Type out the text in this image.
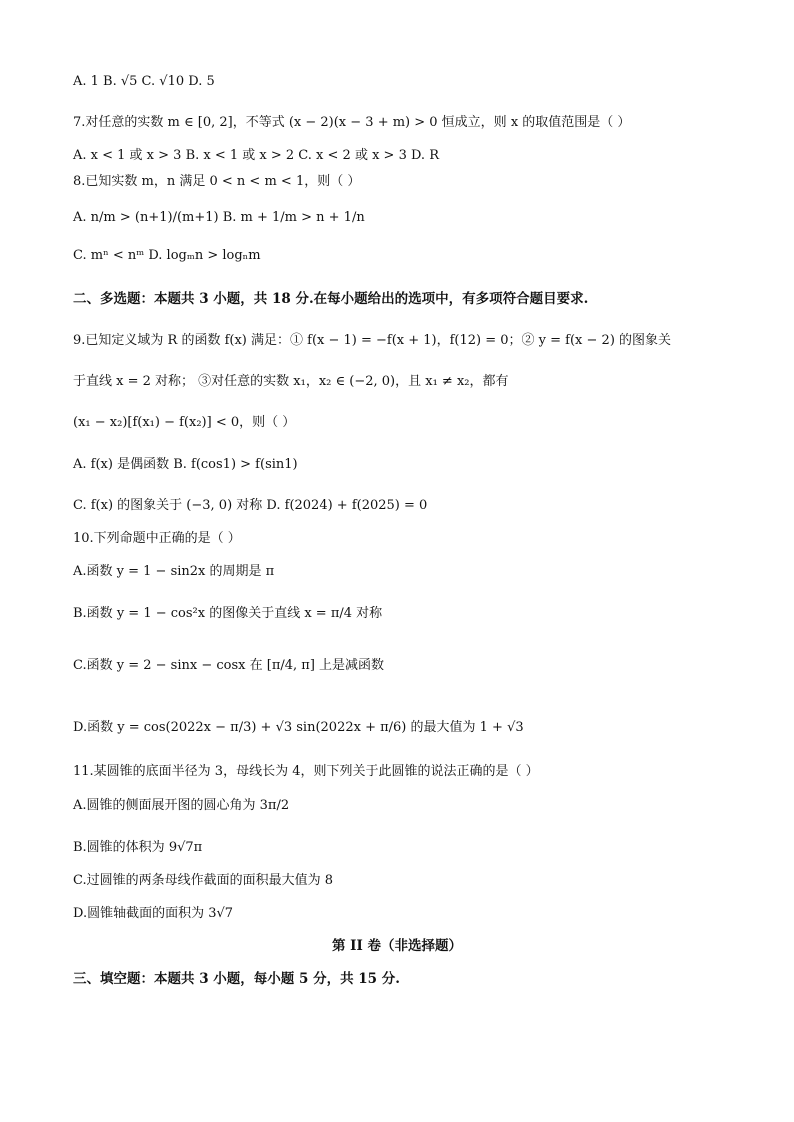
A. 1 B. √5 C. √10 D. 5
7.对任意的实数 m ∈ [0, 2]，不等式 (x − 2)(x − 3 + m) > 0 恒成立，则 x 的取值范围是（ ）
A. x < 1 或 x > 3 B. x < 1 或 x > 2 C. x < 2 或 x > 3 D. R
8.已知实数 m，n 满足 0 < n < m < 1，则（ ）
A. n/m > (n+1)/(m+1) B. m + 1/m > n + 1/n
C. mⁿ < nᵐ D. logₘn > logₙm
二、多选题：本题共 3 小题，共 18 分.在每小题给出的选项中，有多项符合题目要求.
9.已知定义域为 R 的函数 f(x) 满足：① f(x − 1) = −f(x + 1)，f(12) = 0；② y = f(x − 2) 的图象关
于直线 x = 2 对称； ③对任意的实数 x₁，x₂ ∈ (−2, 0)，且 x₁ ≠ x₂，都有
(x₁ − x₂)[f(x₁) − f(x₂)] < 0，则（ ）
A. f(x) 是偶函数 B. f(cos1) > f(sin1)
C. f(x) 的图象关于 (−3, 0) 对称 D. f(2024) + f(2025) = 0
10.下列命题中正确的是（ ）
A.函数 y = 1 − sin2x 的周期是 π
B.函数 y = 1 − cos²x 的图像关于直线 x = π/4 对称
C.函数 y = 2 − sinx − cosx 在 [π/4, π] 上是减函数
D.函数 y = cos(2022x − π/3) + √3 sin(2022x + π/6) 的最大值为 1 + √3
11.某圆锥的底面半径为 3，母线长为 4，则下列关于此圆锥的说法正确的是（ ）
A.圆锥的侧面展开图的圆心角为 3π/2
B.圆锥的体积为 9√7π
C.过圆锥的两条母线作截面的面积最大值为 8
D.圆锥轴截面的面积为 3√7
第 II 卷（非选择题）
三、填空题：本题共 3 小题，每小题 5 分，共 15 分.
